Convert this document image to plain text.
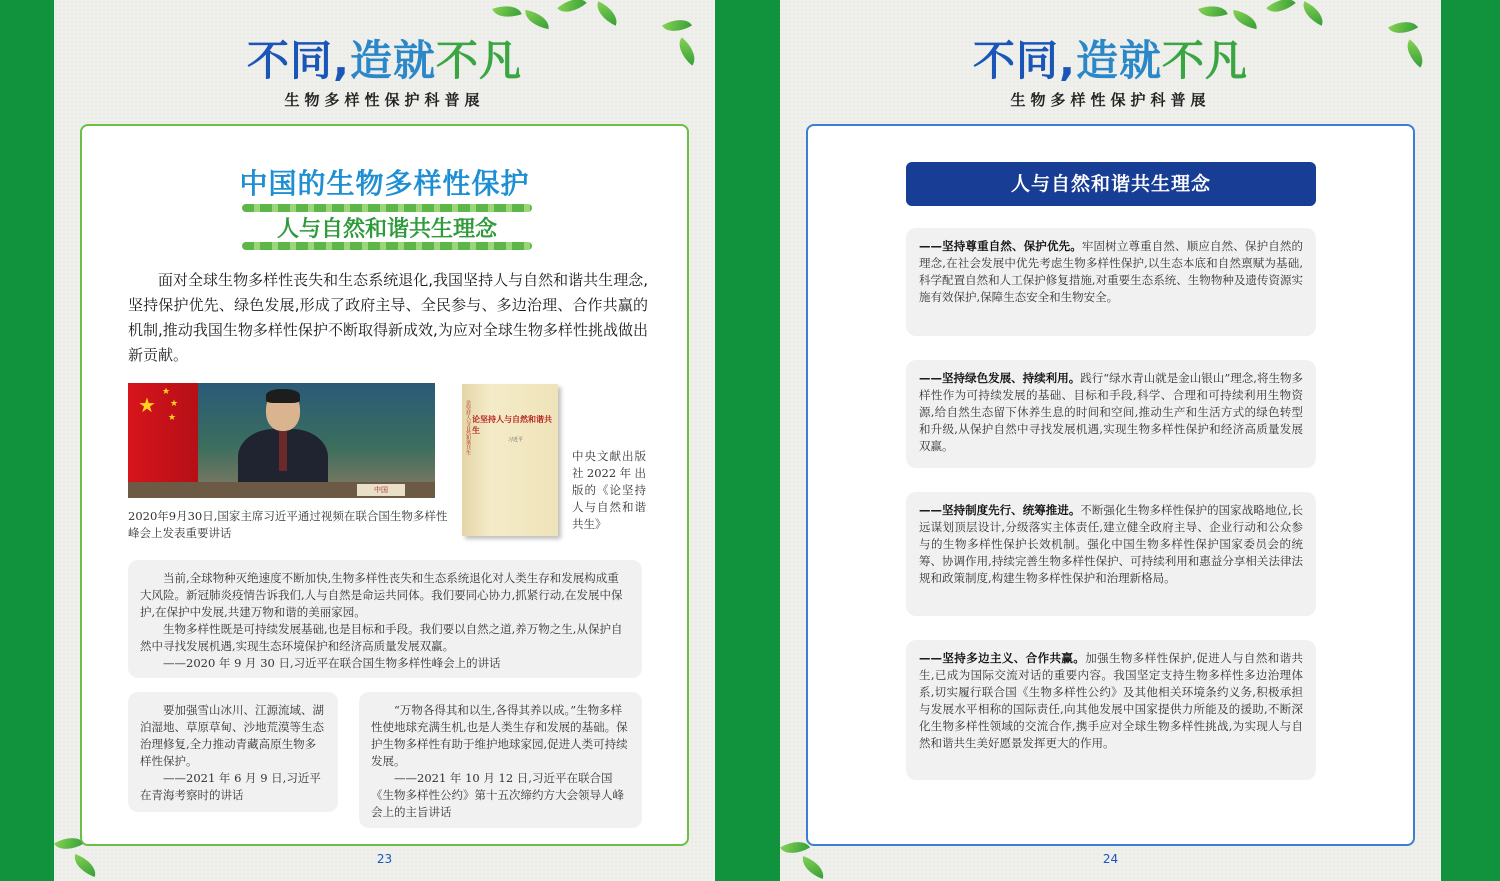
不同,造就不凡
生物多样性保护科普展
中国的生物多样性保护
人与自然和谐共生理念
面对全球生物多样性丧失和生态系统退化,我国坚持人与自然和谐共生理念,坚持保护优先、绿色发展,形成了政府主导、全民参与、多边治理、合作共赢的机制,推动我国生物多样性保护不断取得新成效,为应对全球生物多样性挑战做出新贡献。
★
★
★
★
中国
2020年9月30日,国家主席习近平通过视频在联合国生物多样性峰会上发表重要讲话
论坚持人与自然和谐共生 论坚持人与自然和谐共生
习近平
中央文献出版社2022年出版的《论坚持人与自然和谐共生》

当前,全球物种灭绝速度不断加快,生物多样性丧失和生态系统退化对人类生存和发展构成重大风险。新冠肺炎疫情告诉我们,人与自然是命运共同体。我们要同心协力,抓紧行动,在发展中保护,在保护中发展,共建万物和谐的美丽家园。

生物多样性既是可持续发展基础,也是目标和手段。我们要以自然之道,养万物之生,从保护自然中寻找发展机遇,实现生态环境保护和经济高质量发展双赢。

——2020 年 9 月 30 日,习近平在联合国生物多样性峰会上的讲话

要加强雪山冰川、江源流域、湖泊湿地、草原草甸、沙地荒漠等生态治理修复,全力推动青藏高原生物多样性保护。

——2021 年 6 月 9 日,习近平在青海考察时的讲话

“万物各得其和以生,各得其养以成。”生物多样性使地球充满生机,也是人类生存和发展的基础。保护生物多样性有助于维护地球家园,促进人类可持续发展。

——2021 年 10 月 12 日,习近平在联合国《生物多样性公约》第十五次缔约方大会领导人峰会上的主旨讲话

23
不同,造就不凡
生物多样性保护科普展
人与自然和谐共生理念
——坚持尊重自然、保护优先。牢固树立尊重自然、顺应自然、保护自然的理念,在社会发展中优先考虑生物多样性保护,以生态本底和自然禀赋为基础,科学配置自然和人工保护修复措施,对重要生态系统、生物物种及遗传资源实施有效保护,保障生态安全和生物安全。
——坚持绿色发展、持续利用。践行“绿水青山就是金山银山”理念,将生物多样性作为可持续发展的基础、目标和手段,科学、合理和可持续利用生物资源,给自然生态留下休养生息的时间和空间,推动生产和生活方式的绿色转型和升级,从保护自然中寻找发展机遇,实现生物多样性保护和经济高质量发展双赢。
——坚持制度先行、统筹推进。不断强化生物多样性保护的国家战略地位,长远谋划顶层设计,分级落实主体责任,建立健全政府主导、企业行动和公众参与的生物多样性保护长效机制。强化中国生物多样性保护国家委员会的统筹、协调作用,持续完善生物多样性保护、可持续利用和惠益分享相关法律法规和政策制度,构建生物多样性保护和治理新格局。
——坚持多边主义、合作共赢。加强生物多样性保护,促进人与自然和谐共生,已成为国际交流对话的重要内容。我国坚定支持生物多样性多边治理体系,切实履行联合国《生物多样性公约》及其他相关环境条约义务,积极承担与发展水平相称的国际责任,向其他发展中国家提供力所能及的援助,不断深化生物多样性领域的交流合作,携手应对全球生物多样性挑战,为实现人与自然和谐共生美好愿景发挥更大的作用。
24
